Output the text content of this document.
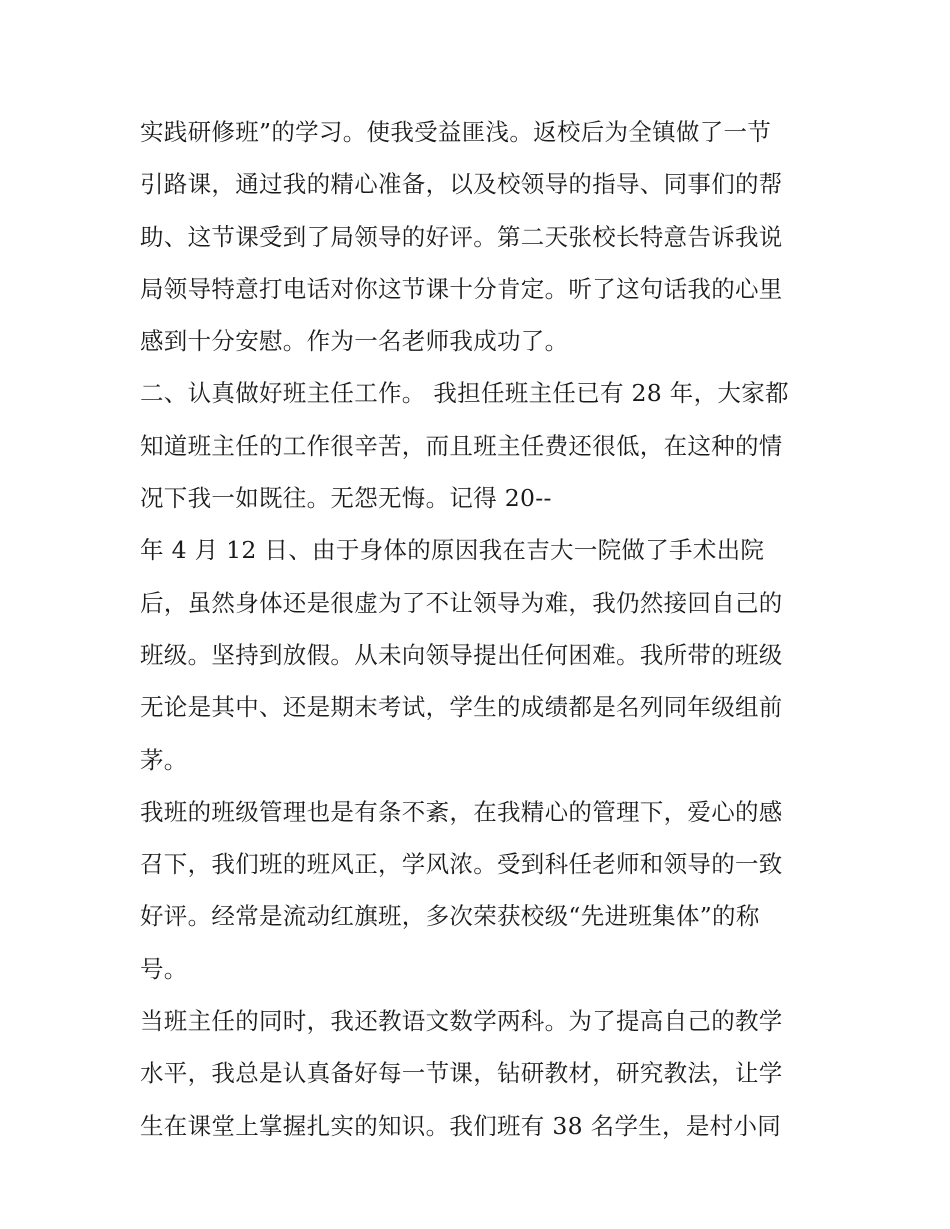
实践研修班”的学习。使我受益匪浅。返校后为全镇做了一节
引路课，通过我的精心准备，以及校领导的指导、同事们的帮
助、这节课受到了局领导的好评。第二天张校长特意告诉我说
局领导特意打电话对你这节课十分肯定。听了这句话我的心里
感到十分安慰。作为一名老师我成功了。
二、认真做好班主任工作。 我担任班主任已有 28 年，大家都
知道班主任的工作很辛苦，而且班主任费还很低，在这种的情
况下我一如既往。无怨无悔。记得 20--
年 4 月 12 日、由于身体的原因我在吉大一院做了手术出院
后，虽然身体还是很虚为了不让领导为难，我仍然接回自己的
班级。坚持到放假。从未向领导提出任何困难。我所带的班级
无论是其中、还是期末考试，学生的成绩都是名列同年级组前
茅。
我班的班级管理也是有条不紊，在我精心的管理下，爱心的感
召下，我们班的班风正，学风浓。受到科任老师和领导的一致
好评。经常是流动红旗班，多次荣获校级“先进班集体”的称
号。
当班主任的同时，我还教语文数学两科。为了提高自己的教学
水平，我总是认真备好每一节课，钻研教材，研究教法，让学
生在课堂上掌握扎实的知识。我们班有 38 名学生，是村小同
